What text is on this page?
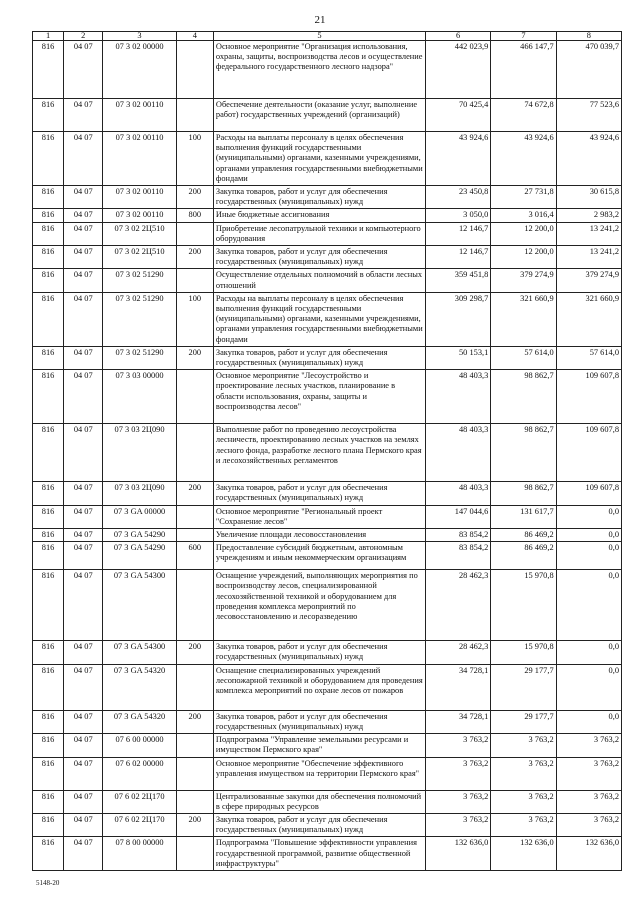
21
1	2	3	4	5	6	7	8
816	04 07	07 3 02 00000		Основное мероприятие "Организация использования, охраны, защиты, воспроизводства лесов и осуществление федерального государственного лесного надзора"	442 023,9	466 147,7	470 039,7
816	04 07	07 3 02 00110		Обеспечение деятельности (оказание услуг, выполнение работ) государственных учреждений (организаций)	70 425,4	74 672,8	77 523,6
816	04 07	07 3 02 00110	100	Расходы на выплаты персоналу в целях обеспечения выполнения функций государственными (муниципальными) органами, казенными учреждениями, органами управления государственными внебюджетными фондами	43 924,6	43 924,6	43 924,6
816	04 07	07 3 02 00110	200	Закупка товаров, работ и услуг для обеспечения государственных (муниципальных) нужд	23 450,8	27 731,8	30 615,8
816	04 07	07 3 02 00110	800	Иные бюджетные ассигнования	3 050,0	3 016,4	2 983,2
816	04 07	07 3 02 2Ц510		Приобретение лесопатрульной техники и компьютерного оборудования	12 146,7	12 200,0	13 241,2
816	04 07	07 3 02 2Ц510	200	Закупка товаров, работ и услуг для обеспечения государственных (муниципальных) нужд	12 146,7	12 200,0	13 241,2
816	04 07	07 3 02 51290		Осуществление отдельных полномочий в области лесных отношений	359 451,8	379 274,9	379 274,9
816	04 07	07 3 02 51290	100	Расходы на выплаты персоналу в целях обеспечения выполнения функций государственными (муниципальными) органами, казенными учреждениями, органами управления государственными внебюджетными фондами	309 298,7	321 660,9	321 660,9
816	04 07	07 3 02 51290	200	Закупка товаров, работ и услуг для обеспечения государственных (муниципальных) нужд	50 153,1	57 614,0	57 614,0
816	04 07	07 3 03 00000		Основное мероприятие "Лесоустройство и проектирование лесных участков, планирование в области использования, охраны, защиты и воспроизводства лесов"	48 403,3	98 862,7	109 607,8
816	04 07	07 3 03 2Ц090		Выполнение работ по проведению лесоустройства лесничеств, проектированию лесных участков на землях лесного фонда, разработке лесного плана Пермского края и лесохозяйственных регламентов	48 403,3	98 862,7	109 607,8
816	04 07	07 3 03 2Ц090	200	Закупка товаров, работ и услуг для обеспечения государственных (муниципальных) нужд	48 403,3	98 862,7	109 607,8
816	04 07	07 3 GA 00000		Основное мероприятие "Региональный проект "Сохранение лесов"	147 044,6	131 617,7	0,0
816	04 07	07 3 GA 54290		Увеличение площади лесовосстановления	83 854,2	86 469,2	0,0
816	04 07	07 3 GA 54290	600	Предоставление субсидий бюджетным, автономным учреждениям и иным некоммерческим организациям	83 854,2	86 469,2	0,0
816	04 07	07 3 GA 54300		Оснащение учреждений, выполняющих мероприятия по воспроизводству лесов, специализированной лесохозяйственной техникой и оборудованием для проведения комплекса мероприятий по лесовосстановлению и лесоразведению	28 462,3	15 970,8	0,0
816	04 07	07 3 GA 54300	200	Закупка товаров, работ и услуг для обеспечения государственных (муниципальных) нужд	28 462,3	15 970,8	0,0
816	04 07	07 3 GA 54320		Оснащение специализированных учреждений лесопожарной техникой и оборудованием для проведения комплекса мероприятий по охране лесов от пожаров	34 728,1	29 177,7	0,0
816	04 07	07 3 GA 54320	200	Закупка товаров, работ и услуг для обеспечения государственных (муниципальных) нужд	34 728,1	29 177,7	0,0
816	04 07	07 6 00 00000		Подпрограмма "Управление земельными ресурсами и имуществом Пермского края"	3 763,2	3 763,2	3 763,2
816	04 07	07 6 02 00000		Основное мероприятие "Обеспечение эффективного управления имуществом на территории Пермского края"	3 763,2	3 763,2	3 763,2
816	04 07	07 6 02 2Ц170		Централизованные закупки для обеспечения полномочий в сфере природных ресурсов	3 763,2	3 763,2	3 763,2
816	04 07	07 6 02 2Ц170	200	Закупка товаров, работ и услуг для обеспечения государственных (муниципальных) нужд	3 763,2	3 763,2	3 763,2
816	04 07	07 8 00 00000		Подпрограмма "Повышение эффективности управления государственной программой, развитие общественной инфраструктуры"	132 636,0	132 636,0	132 636,0
5148-20
